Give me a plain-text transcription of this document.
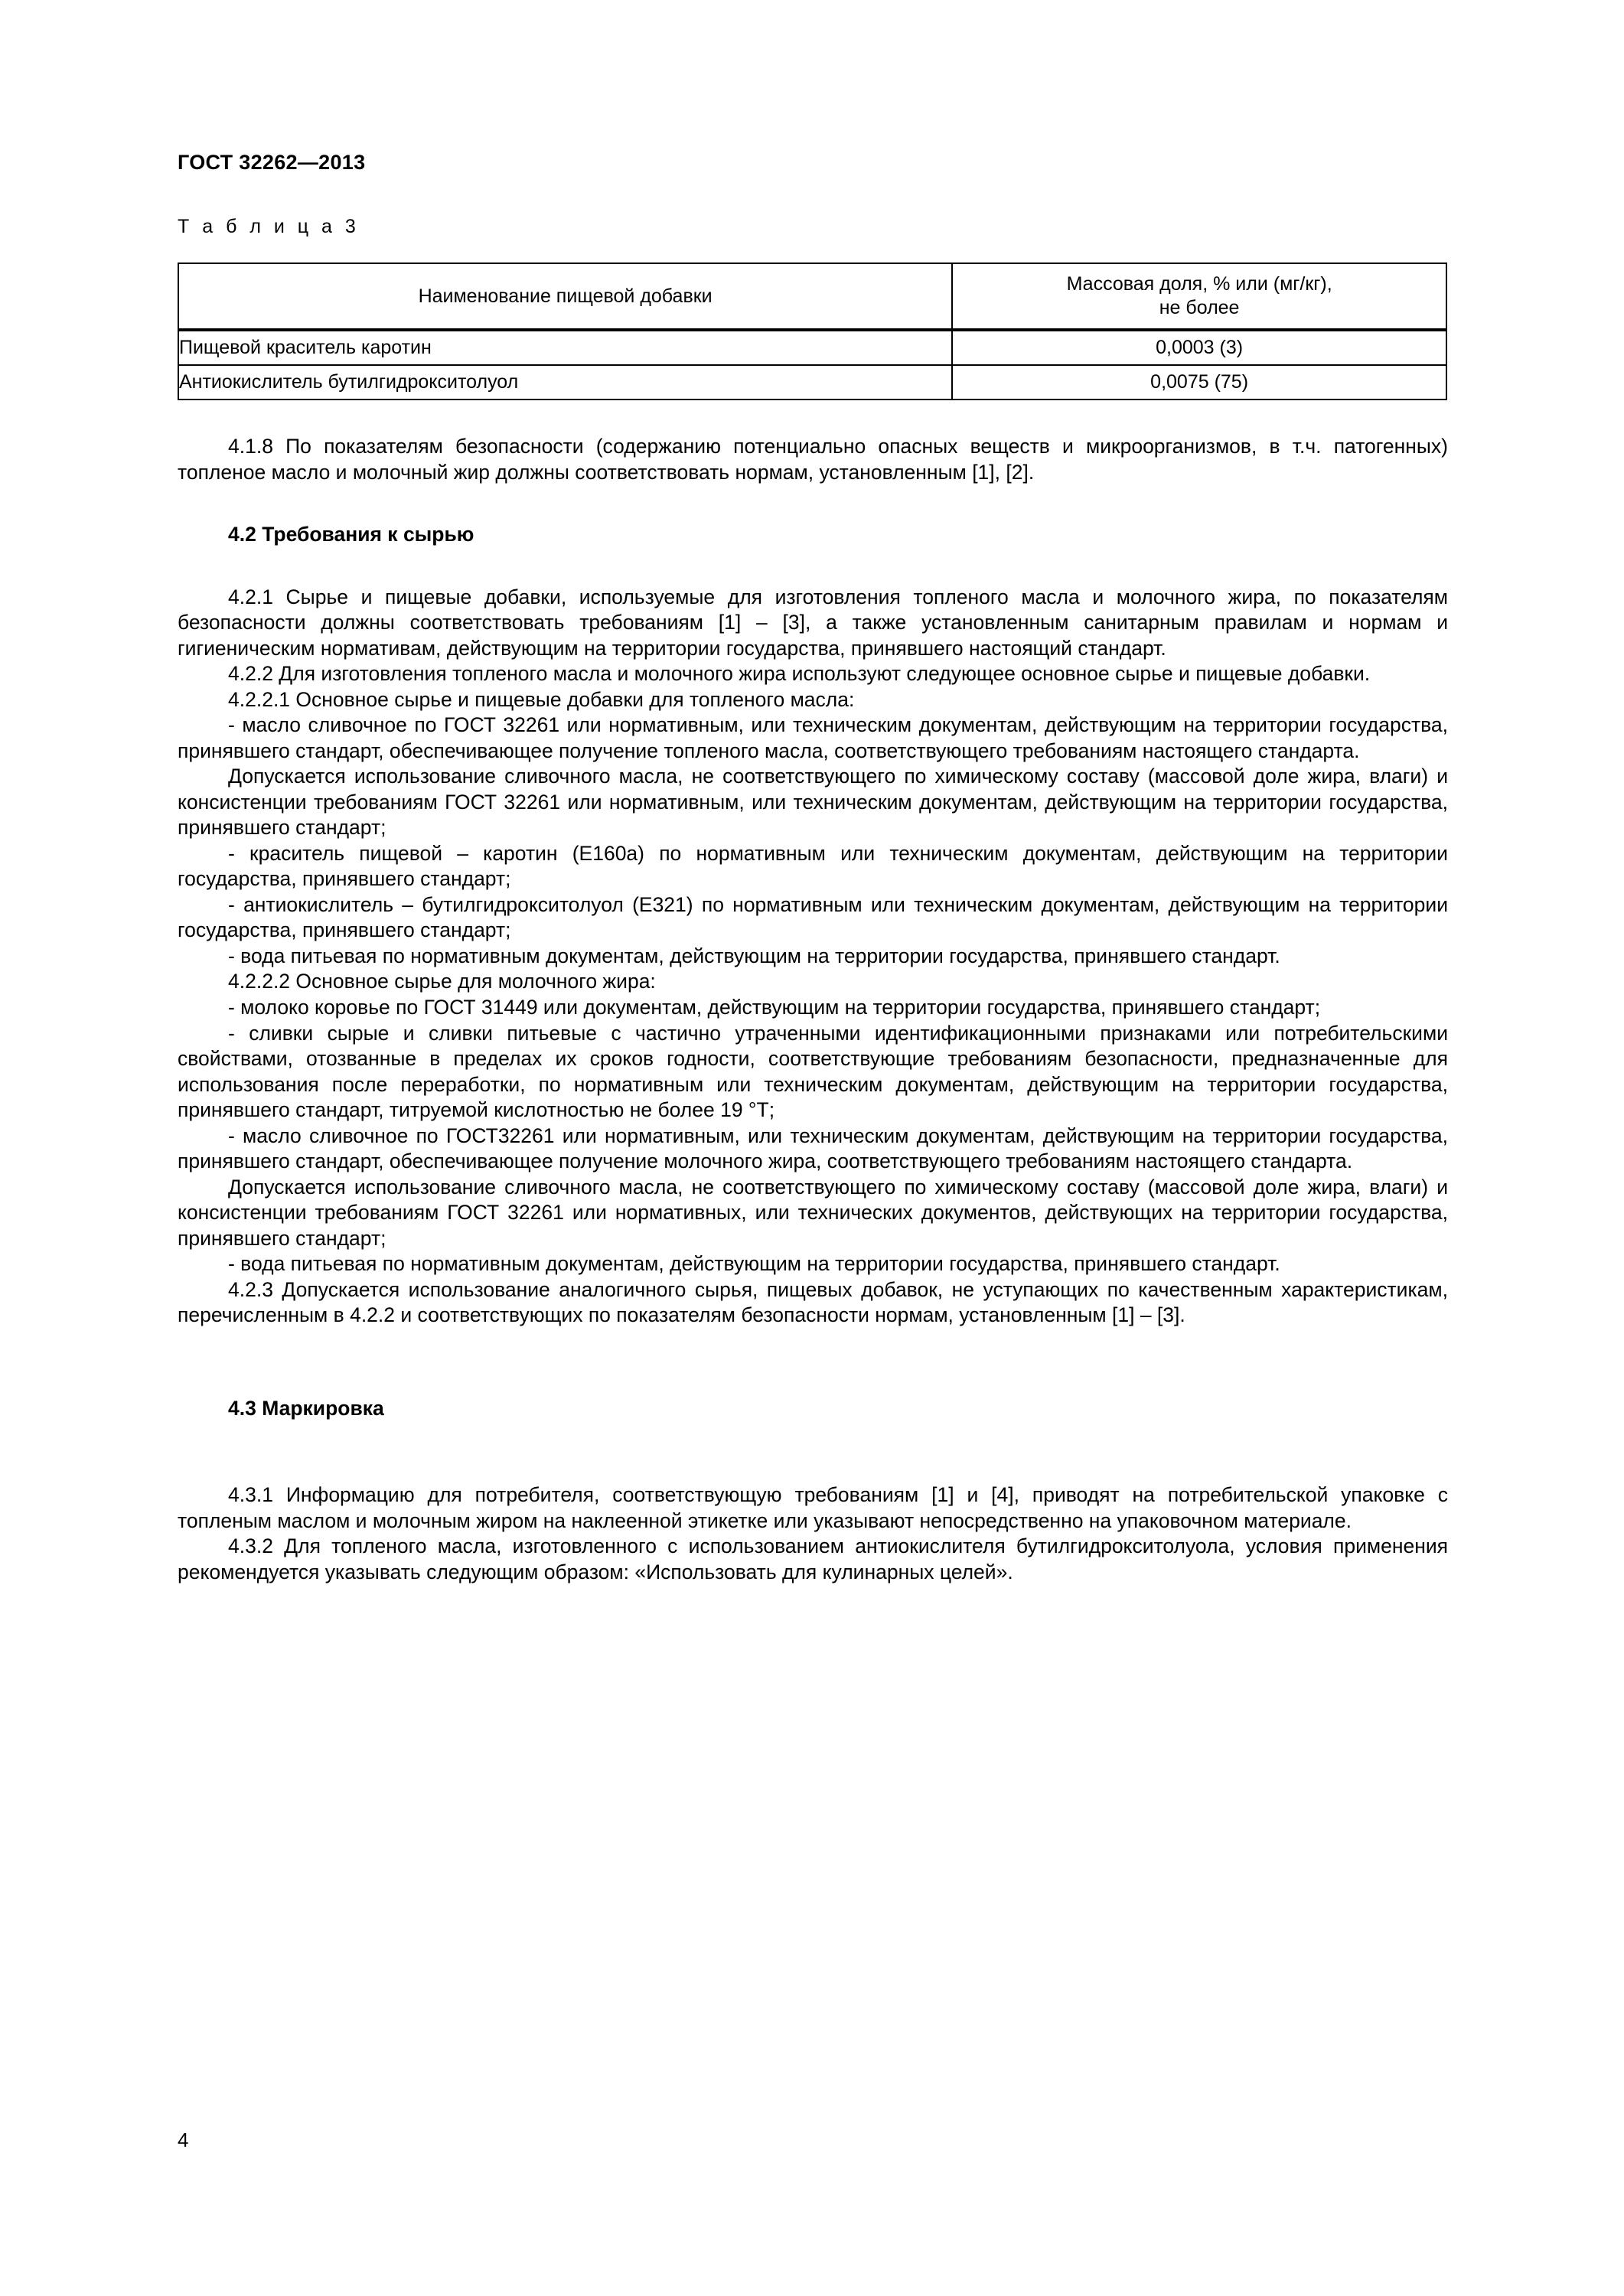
ГОСТ 32262—2013
Т а б л и ц а 3
Наименование пищевой добавки	Массовая доля, % или (мг/кг),
не более
Пищевой краситель каротин	0,0003 (3)
Антиокислитель бутилгидрокситолуол	0,0075 (75)

4.1.8 По показателям безопасности (содержанию потенциально опасных веществ и микроорганизмов, в т.ч. патогенных) топленое масло и молочный жир должны соответствовать нормам, установленным [1], [2].

4.2 Требования к сырью

4.2.1 Сырье и пищевые добавки, используемые для изготовления топленого масла и молочного жира, по показателям безопасности должны соответствовать требованиям [1] – [3], а также установленным санитарным правилам и нормам и гигиеническим нормативам, действующим на территории государства, принявшего настоящий стандарт.

4.2.2 Для изготовления топленого масла и молочного жира используют следующее основное сырье и пищевые добавки.

4.2.2.1 Основное сырье и пищевые добавки для топленого масла:

- масло сливочное по ГОСТ 32261 или нормативным, или техническим документам, действующим на территории государства, принявшего стандарт, обеспечивающее получение топленого масла, соответствующего требованиям настоящего стандарта.

Допускается использование сливочного масла, не соответствующего по химическому составу (массовой доле жира, влаги) и консистенции требованиям ГОСТ 32261 или нормативным, или техническим документам, действующим на территории государства, принявшего стандарт;

- краситель пищевой – каротин (Е160а) по нормативным или техническим документам, действующим на территории государства, принявшего стандарт;

- антиокислитель – бутилгидрокситолуол (Е321) по нормативным или техническим документам, действующим на территории государства, принявшего стандарт;

- вода питьевая по нормативным документам, действующим на территории государства, принявшего стандарт.

4.2.2.2 Основное сырье для молочного жира:

- молоко коровье по ГОСТ 31449 или документам, действующим на территории государства, принявшего стандарт;

- сливки сырые и сливки питьевые с частично утраченными идентификационными признаками или потребительскими свойствами, отозванные в пределах их сроков годности, соответствующие требованиям безопасности, предназначенные для использования после переработки, по нормативным или техническим документам, действующим на территории государства, принявшего стандарт, титруемой кислотностью не более 19 °Т;

- масло сливочное по ГОСТ32261 или нормативным, или техническим документам, действующим на территории государства, принявшего стандарт, обеспечивающее получение молочного жира, соответствующего требованиям настоящего стандарта.

Допускается использование сливочного масла, не соответствующего по химическому составу (массовой доле жира, влаги) и консистенции требованиям ГОСТ 32261 или нормативных, или технических документов, действующих на территории государства, принявшего стандарт;

- вода питьевая по нормативным документам, действующим на территории государства, принявшего стандарт.

4.2.3 Допускается использование аналогичного сырья, пищевых добавок, не уступающих по качественным характеристикам, перечисленным в 4.2.2 и соответствующих по показателям безопасности нормам, установленным [1] – [3].

4.3 Маркировка

4.3.1 Информацию для потребителя, соответствующую требованиям [1] и [4], приводят на потребительской упаковке с топленым маслом и молочным жиром на наклеенной этикетке или указывают непосредственно на упаковочном материале.

4.3.2 Для топленого масла, изготовленного с использованием антиокислителя бутилгидрокситолуола, условия применения рекомендуется указывать следующим образом: «Использовать для кулинарных целей».

4
